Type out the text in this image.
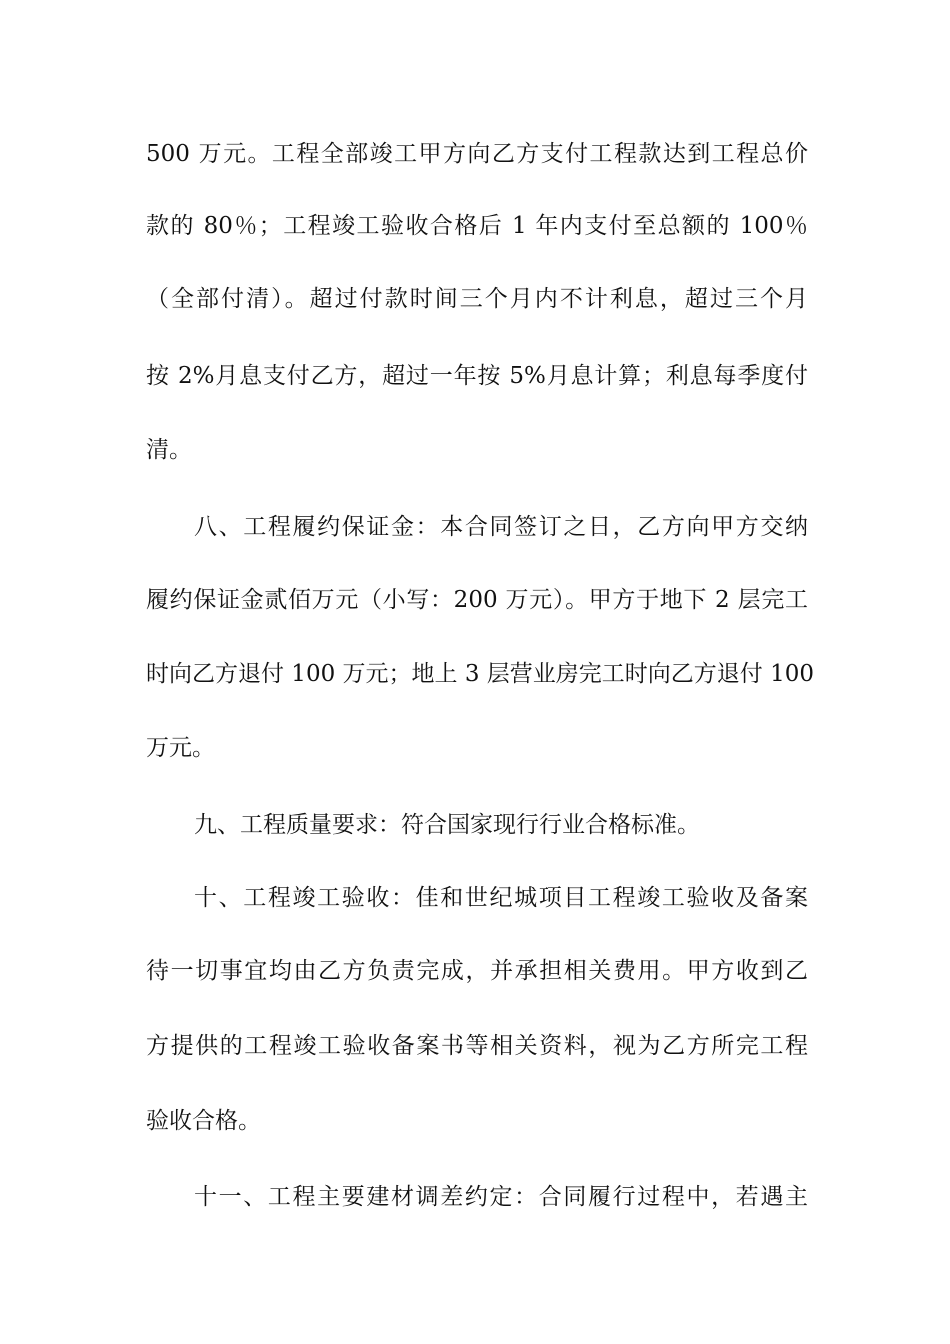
500 万元。工程全部竣工甲方向乙方支付工程款达到工程总价
款的 80％；工程竣工验收合格后 1 年内支付至总额的 100％
（全部付清）。超过付款时间三个月内不计利息，超过三个月
按 2%月息支付乙方，超过一年按 5%月息计算；利息每季度付
清。
八、工程履约保证金：本合同签订之日，乙方向甲方交纳
履约保证金贰佰万元（小写：200 万元）。甲方于地下 2 层完工
时向乙方退付 100 万元；地上 3 层营业房完工时向乙方退付 100
万元。
九、工程质量要求：符合国家现行行业合格标准。
十、工程竣工验收：佳和世纪城项目工程竣工验收及备案
待一切事宜均由乙方负责完成，并承担相关费用。甲方收到乙
方提供的工程竣工验收备案书等相关资料，视为乙方所完工程
验收合格。
十一、工程主要建材调差约定：合同履行过程中，若遇主
